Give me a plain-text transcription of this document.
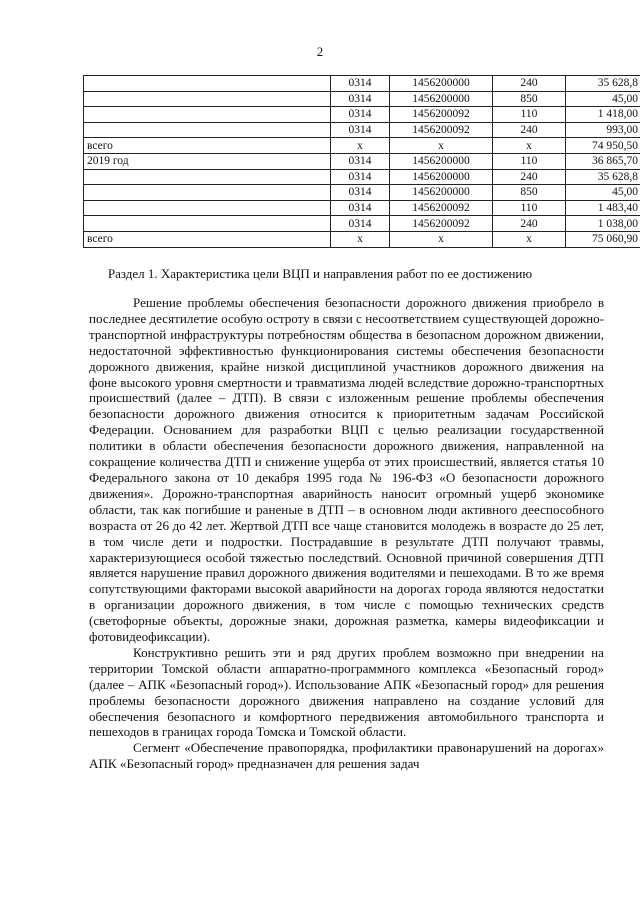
2
	0314	1456200000	240	35 628,8
	0314	1456200000	850	45,00
	0314	1456200092	110	1 418,00
	0314	1456200092	240	993,00
всего	х	х	х	74 950,50
2019 год	0314	1456200000	110	36 865,70
	0314	1456200000	240	35 628,8
	0314	1456200000	850	45,00
	0314	1456200092	110	1 483,40
	0314	1456200092	240	1 038,00
всего	х	х	х	75 060,90
Раздел 1. Характеристика цели ВЦП и направления работ по ее достижению

Решение проблемы обеспечения безопасности дорожного движения приобрело в последнее десятилетие особую остроту в связи с несоответствием существующей дорожно-транспортной инфраструктуры потребностям общества в безопасном дорожном движении, недостаточной эффективностью функционирования системы обеспечения безопасности дорожного движения, крайне низкой дисциплиной участников дорожного движения на фоне высокого уровня смертности и травматизма людей вследствие дорожно-транспортных происшествий (далее – ДТП). В связи с изложенным решение проблемы обеспечения безопасности дорожного движения относится к приоритетным задачам Российской Федерации. Основанием для разработки ВЦП с целью реализации государственной политики в области обеспечения безопасности дорожного движения, направленной на сокращение количества ДТП и снижение ущерба от этих происшествий, является статья 10 Федерального закона от 10 декабря 1995 года № 196-ФЗ «О безопасности дорожного движения». Дорожно-транспортная аварийность наносит огромный ущерб экономике области, так как погибшие и раненые в ДТП – в основном люди активного дееспособного возраста от 26 до 42 лет. Жертвой ДТП все чаще становится молодежь в возрасте до 25 лет, в том числе дети и подростки. Пострадавшие в результате ДТП получают травмы, характеризующиеся особой тяжестью последствий. Основной причиной совершения ДТП является нарушение правил дорожного движения водителями и пешеходами. В то же время сопутствующими факторами высокой аварийности на дорогах города являются недостатки в организации дорожного движения, в том числе с помощью технических средств (светофорные объекты, дорожные знаки, дорожная разметка, камеры видеофиксации и фотовидеофиксации).

Конструктивно решить эти и ряд других проблем возможно при внедрении на территории Томской области аппаратно-программного комплекса «Безопасный город» (далее – АПК «Безопасный город»). Использование АПК «Безопасный город» для решения проблемы безопасности дорожного движения направлено на создание условий для обеспечения безопасного и комфортного передвижения автомобильного транспорта и пешеходов в границах города Томска и Томской области.

Сегмент «Обеспечение правопорядка, профилактики правонарушений на дорогах» АПК «Безопасный город» предназначен для решения задач
